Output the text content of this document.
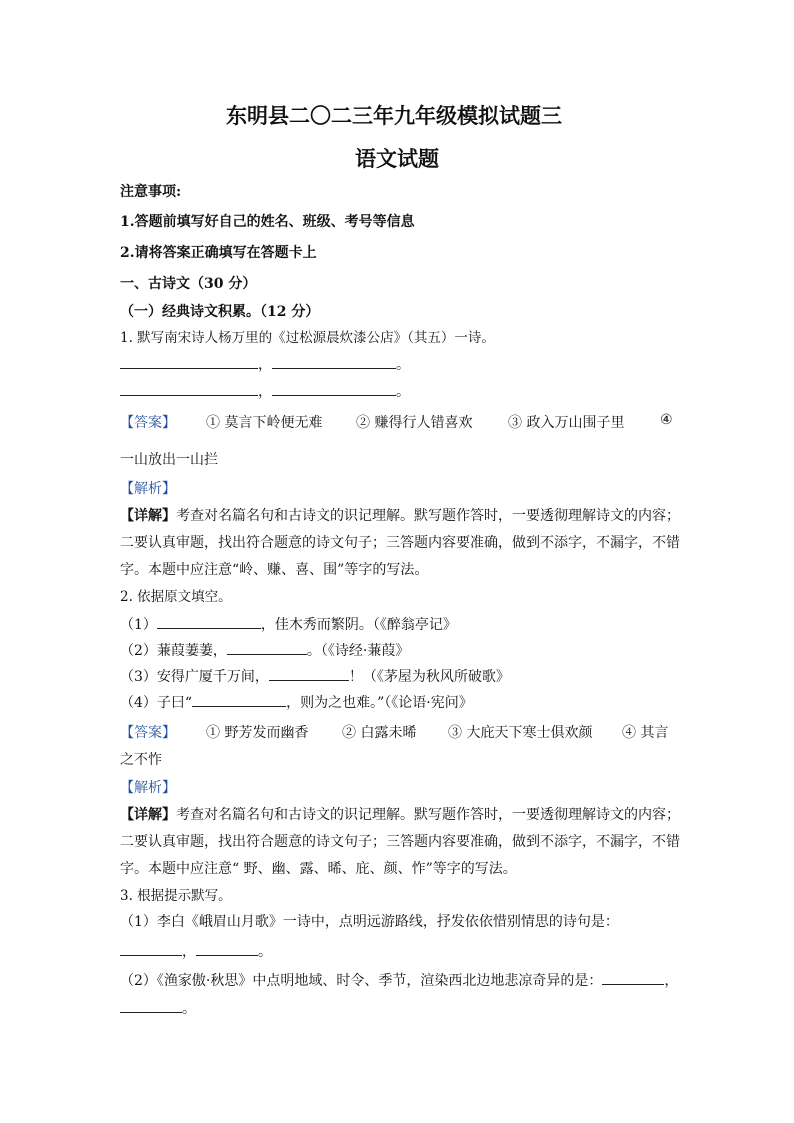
东明县二〇二三年九年级模拟试题三
语文试题
注意事项:
1.答题前填写好自己的姓名、班级、考号等信息
2.请将答案正确填写在答题卡上
一、古诗文（30 分）
（一）经典诗文积累。（12 分）
1. 默写南宋诗人杨万里的《过松源晨炊漆公店》（其五）一诗。
，	。
，	。
【答案】 ① 莫言下岭便无难 ② 赚得行人错喜欢	③ 政入万山围子里	④
一山放出一山拦
【解析】
【详解】考查对名篇名句和古诗文的识记理解。默写题作答时，一要透彻理解诗文的内容；
二要认真审题，找出符合题意的诗文句子；三答题内容要准确，做到不添字，不漏字，不错
字。本题中应注意“岭、赚、喜、围”等字的写法。
2. 依据原文填空。
（1）	，佳木秀而繁阴。（《醉翁亭记》
（2）蒹葭萋萋，	。（《诗经·蒹葭》
（3）安得广厦千万间，	！（《茅屋为秋风所破歌》
（4）子曰“	，则为之也难。”（《论语·宪问》
【答案】 ① 野芳发而幽香 ② 白露未晞 ③ 大庇天下寒士俱欢颜 ④ 其言
之不怍
【解析】
【详解】考查对名篇名句和古诗文的识记理解。默写题作答时，一要透彻理解诗文的内容；
二要认真审题，找出符合题意的诗文句子；三答题内容要准确，做到不添字，不漏字，不错
字。本题中应注意“ 野、幽、露、晞、庇、颜、怍”等字的写法。
3. 根据提示默写。
（1）李白《峨眉山月歌》一诗中，点明远游路线，抒发依依惜别情思的诗句是：
，	。
（2）《渔家傲·秋思》中点明地域、时令、季节，渲染西北边地悲凉奇异的是：	，
。
